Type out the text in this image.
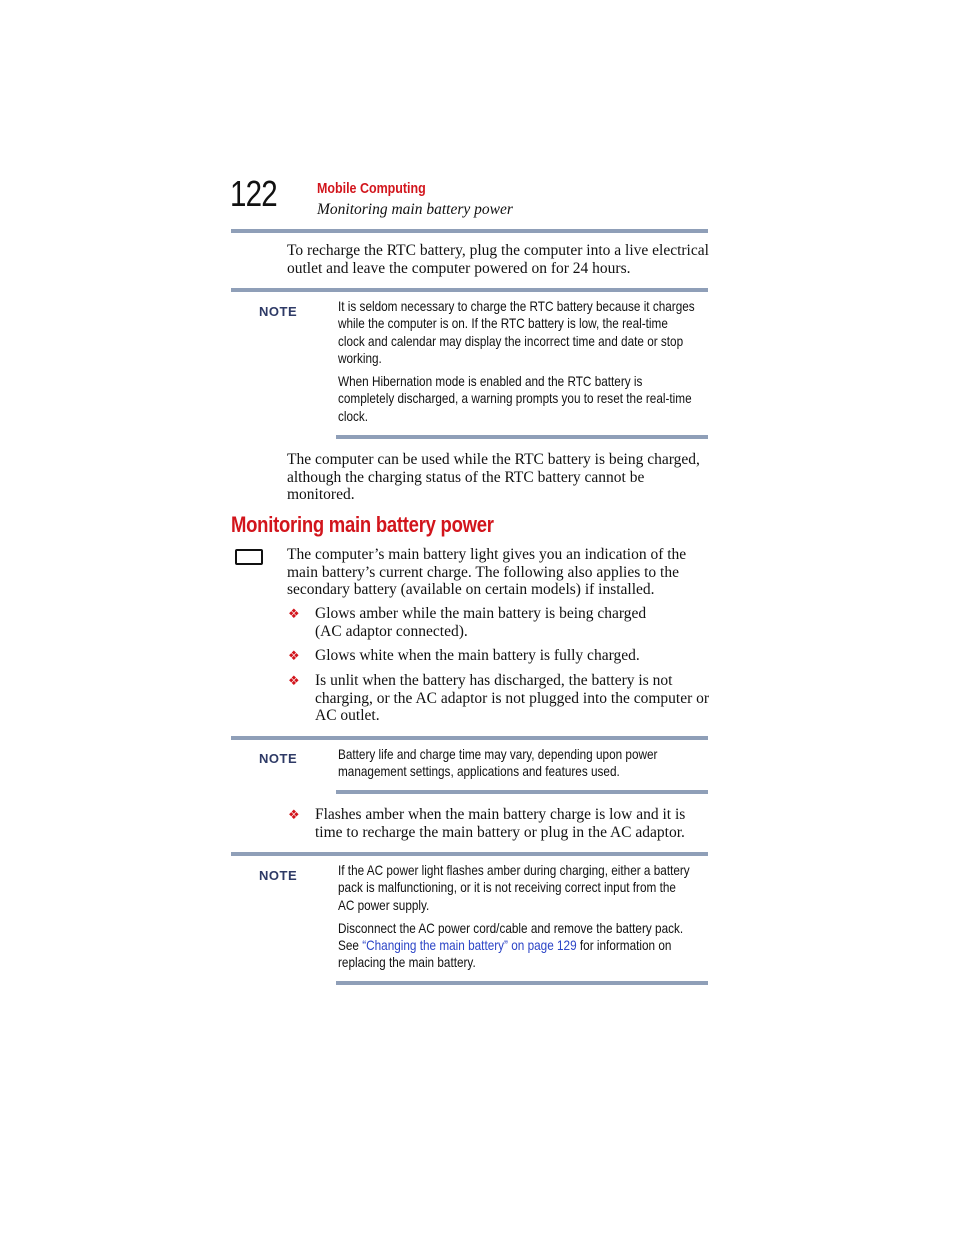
122	Mobile Computing
Monitoring main battery power
To recharge the RTC battery, plug the computer into a live electrical
outlet and leave the computer powered on for 24 hours.
NOTE	It is seldom necessary to charge the RTC battery because it charges
while the computer is on. If the RTC battery is low, the real-time
clock and calendar may display the incorrect time and date or stop
working.
When Hibernation mode is enabled and the RTC battery is
completely discharged, a warning prompts you to reset the real-time
clock.
The computer can be used while the RTC battery is being charged,
although the charging status of the RTC battery cannot be
monitored.
Monitoring main battery power
The computer’s main battery light gives you an indication of the
main battery’s current charge. The following also applies to the
secondary battery (available on certain models) if installed.
❖ Glows amber while the main battery is being charged
(AC adaptor connected).
❖ Glows white when the main battery is fully charged.
❖ Is unlit when the battery has discharged, the battery is not
charging, or the AC adaptor is not plugged into the computer or
AC outlet.
NOTE	Battery life and charge time may vary, depending upon power
management settings, applications and features used.
❖ Flashes amber when the main battery charge is low and it is
time to recharge the main battery or plug in the AC adaptor.
NOTE	If the AC power light flashes amber during charging, either a battery
pack is malfunctioning, or it is not receiving correct input from the
AC power supply.
Disconnect the AC power cord/cable and remove the battery pack.
See “Changing the main battery” on page 129 for information on
replacing the main battery.
